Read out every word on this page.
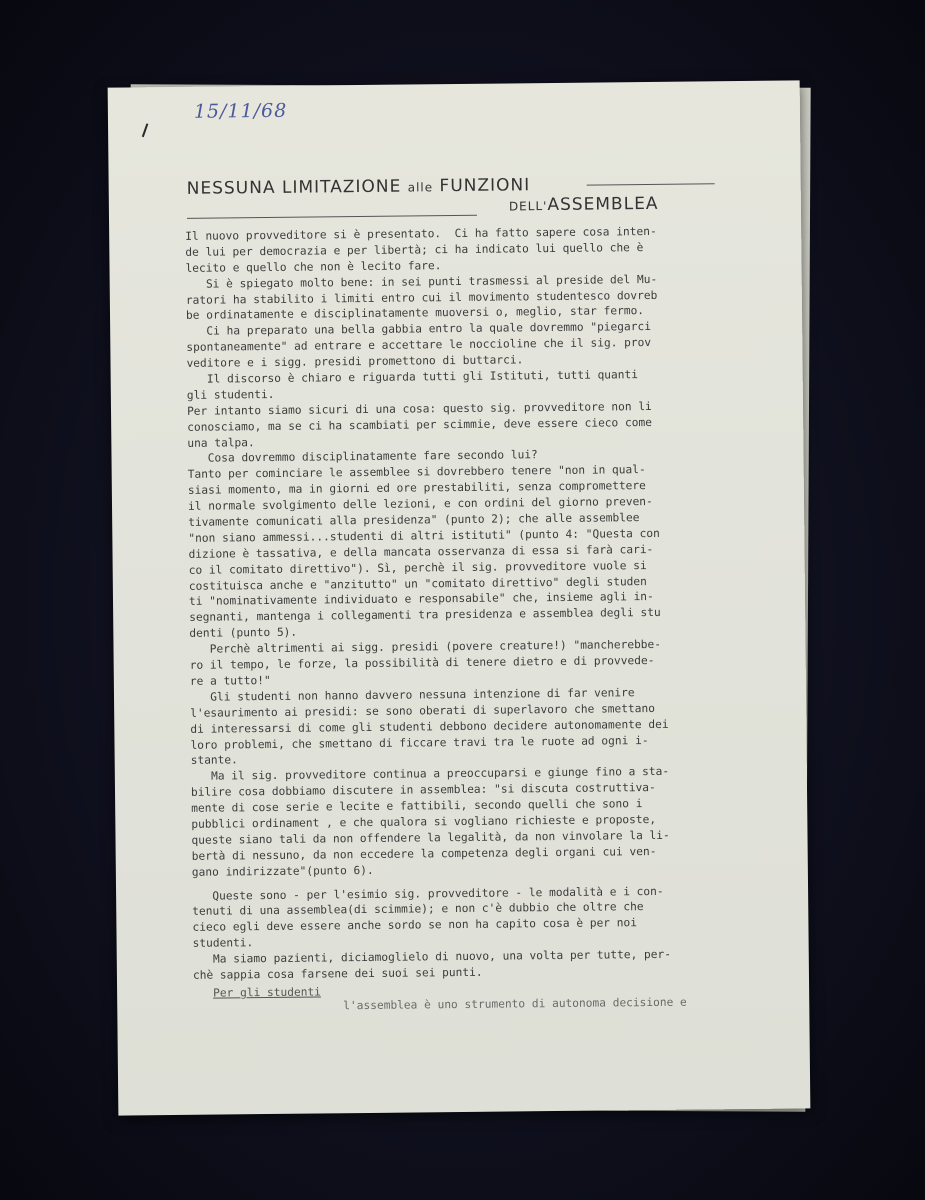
15/11/68
NESSUNA LIMITAZIONE alle FUNZIONI
DELL'ASSEMBLEA
Il nuovo provveditore si è presentato.  Ci ha fatto sapere cosa inten-
de lui per democrazia e per libertà; ci ha indicato lui quello che è
lecito e quello che non è lecito fare.
Si è spiegato molto bene: in sei punti trasmessi al preside del Mu-
ratori ha stabilito i limiti entro cui il movimento studentesco dovreb
be ordinatamente e disciplinatamente muoversi o, meglio, star fermo.
Ci ha preparato una bella gabbia entro la quale dovremmo "piegarci
spontaneamente" ad entrare e accettare le noccioline che il sig. prov
veditore e i sigg. presidi promettono di buttarci.
Il discorso è chiaro e riguarda tutti gli Istituti, tutti quanti
gli studenti.
Per intanto siamo sicuri di una cosa: questo sig. provveditore non li
conosciamo, ma se ci ha scambiati per scimmie, deve essere cieco come
una talpa.
Cosa dovremmo disciplinatamente fare secondo lui?
Tanto per cominciare le assemblee si dovrebbero tenere "non in qual-
siasi momento, ma in giorni ed ore prestabiliti, senza compromettere
il normale svolgimento delle lezioni, e con ordini del giorno preven-
tivamente comunicati alla presidenza" (punto 2); che alle assemblee
"non siano ammessi...studenti di altri istituti" (punto 4: "Questa con
dizione è tassativa, e della mancata osservanza di essa si farà cari-
co il comitato direttivo"). Sì, perchè il sig. provveditore vuole si
costituisca anche e "anzitutto" un "comitato direttivo" degli studen
ti "nominativamente individuato e responsabile" che, insieme agli in-
segnanti, mantenga i collegamenti tra presidenza e assemblea degli stu
denti (punto 5).
Perchè altrimenti ai sigg. presidi (povere creature!) "mancherebbe-
ro il tempo, le forze, la possibilità di tenere dietro e di provvede-
re a tutto!"
Gli studenti non hanno davvero nessuna intenzione di far venire
l'esaurimento ai presidi: se sono oberati di superlavoro che smettano
di interessarsi di come gli studenti debbono decidere autonomamente dei
loro problemi, che smettano di ficcare travi tra le ruote ad ogni i-
stante.
Ma il sig. provveditore continua a preoccuparsi e giunge fino a sta-
bilire cosa dobbiamo discutere in assemblea: "si discuta costruttiva-
mente di cose serie e lecite e fattibili, secondo quelli che sono i
pubblici ordinament , e che qualora si vogliano richieste e proposte,
queste siano tali da non offendere la legalità, da non vinvolare la li-
bertà di nessuno, da non eccedere la competenza degli organi cui ven-
gano indirizzate"(punto 6).
Queste sono - per l'esimio sig. provveditore - le modalità e i con-
tenuti di una assemblea(di scimmie); e non c'è dubbio che oltre che
cieco egli deve essere anche sordo se non ha capito cosa è per noi
studenti.
Ma siamo pazienti, diciamoglielo di nuovo, una volta per tutte, per-
chè sappia cosa farsene dei suoi sei punti.
Per gli studenti
l'assemblea è uno strumento di autonoma decisione e
